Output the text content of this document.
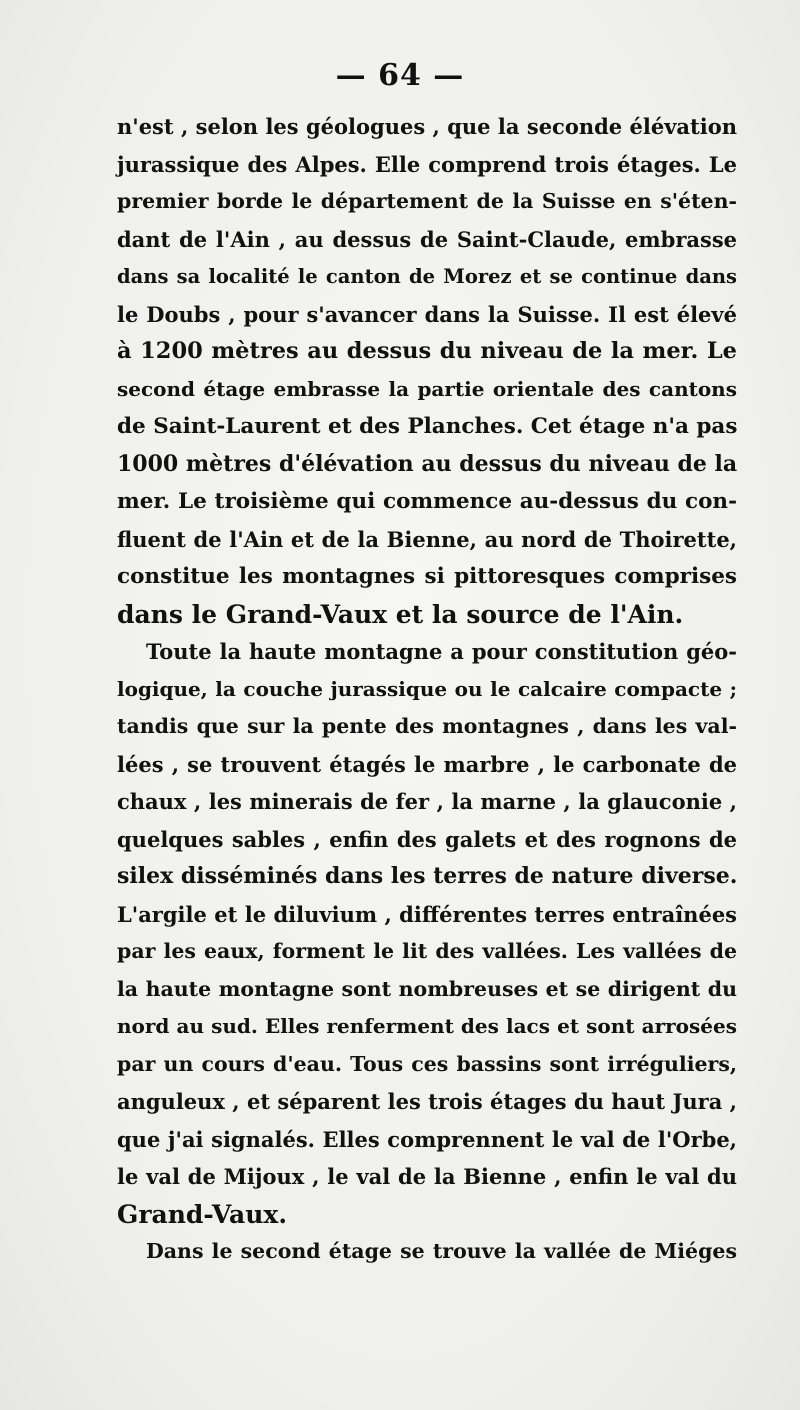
— 64 —
n'est , selon les géologues , que la seconde élévation
jurassique des Alpes. Elle comprend trois étages. Le
premier borde le département de la Suisse en s'éten-
dant de l'Ain , au dessus de Saint-Claude, embrasse
dans sa localité le canton de Morez et se continue dans
le Doubs , pour s'avancer dans la Suisse. Il est élevé
à 1200 mètres au dessus du niveau de la mer. Le
second étage embrasse la partie orientale des cantons
de Saint-Laurent et des Planches. Cet étage n'a pas
1000 mètres d'élévation au dessus du niveau de la
mer. Le troisième qui commence au-dessus du con-
fluent de l'Ain et de la Bienne, au nord de Thoirette,
constitue les montagnes si pittoresques comprises
dans le Grand-Vaux et la source de l'Ain.
Toute la haute montagne a pour constitution géo-
logique, la couche jurassique ou le calcaire compacte ;
tandis que sur la pente des montagnes , dans les val-
lées , se trouvent étagés le marbre , le carbonate de
chaux , les minerais de fer , la marne , la glauconie ,
quelques sables , enfin des galets et des rognons de
silex disséminés dans les terres de nature diverse.
L'argile et le diluvium , différentes terres entraînées
par les eaux, forment le lit des vallées. Les vallées de
la haute montagne sont nombreuses et se dirigent du
nord au sud. Elles renferment des lacs et sont arrosées
par un cours d'eau. Tous ces bassins sont irréguliers,
anguleux , et séparent les trois étages du haut Jura ,
que j'ai signalés. Elles comprennent le val de l'Orbe,
le val de Mijoux , le val de la Bienne , enfin le val du
Grand-Vaux.
Dans le second étage se trouve la vallée de Miéges
